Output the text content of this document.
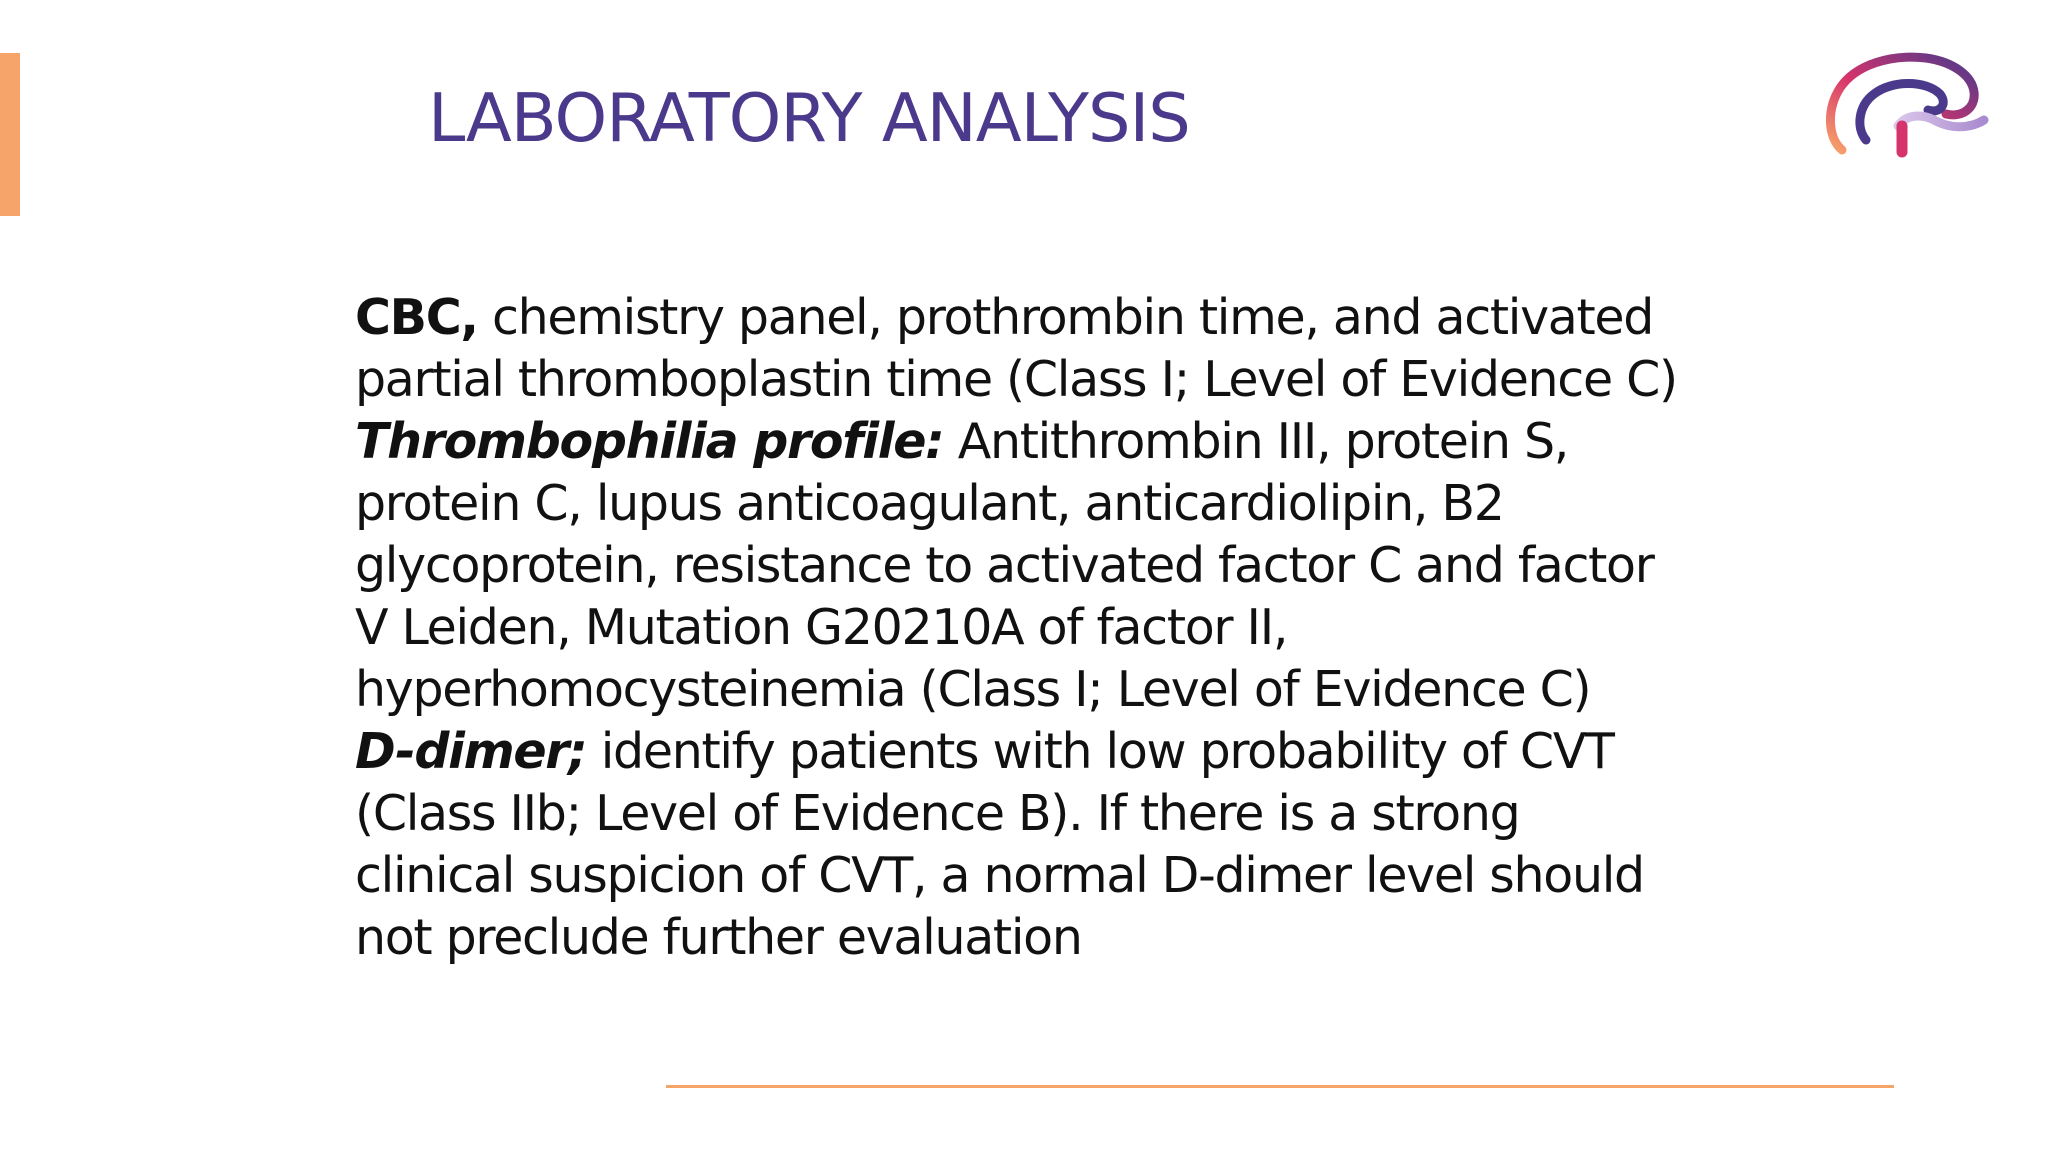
LABORATORY ANALYSIS
CBC, chemistry panel, prothrombin time, and activated
partial thromboplastin time (Class I; Level of Evidence C)
Thrombophilia profile: Antithrombin III, protein S,
protein C, lupus anticoagulant, anticardiolipin, B2
glycoprotein, resistance to activated factor C and factor
V Leiden, Mutation G20210A of factor II,
hyperhomocysteinemia (Class I; Level of Evidence C)
D-dimer; identify patients with low probability of CVT
(Class IIb; Level of Evidence B). If there is a strong
clinical suspicion of CVT, a normal D-dimer level should
not preclude further evaluation
